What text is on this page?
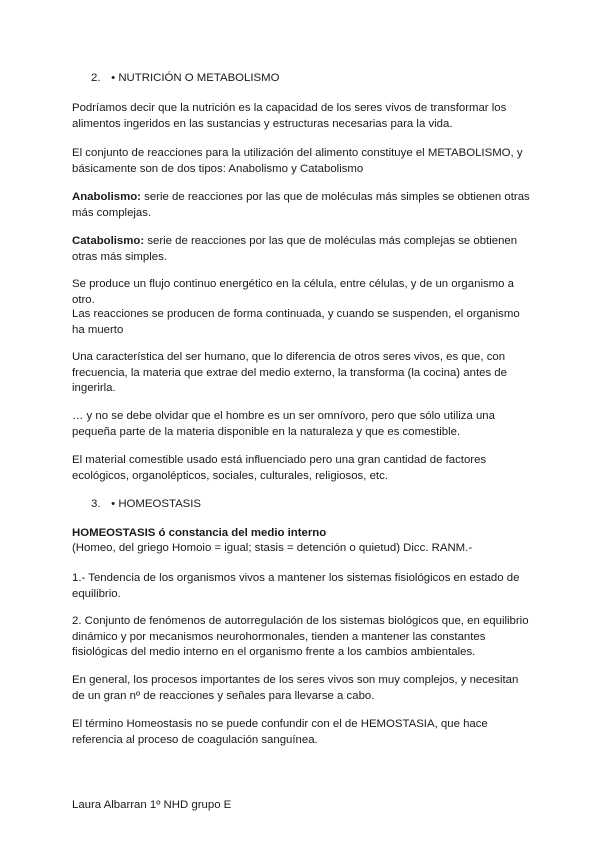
2. • NUTRICIÓN O METABOLISMO

Podríamos decir que la nutrición es la capacidad de los seres vivos de transformar los alimentos ingeridos en las sustancias y estructuras necesarias para la vida.

El conjunto de reacciones para la utilización del alimento constituye el METABOLISMO, y básicamente son de dos tipos: Anabolismo y Catabolismo

Anabolismo: serie de reacciones por las que de moléculas más simples se obtienen otras más complejas.

Catabolismo: serie de reacciones por las que de moléculas más complejas se obtienen otras más simples.

Se produce un flujo continuo energético en la célula, entre células, y de un organismo a otro.

Las reacciones se producen de forma continuada, y cuando se suspenden, el organismo ha muerto

Una característica del ser humano, que lo diferencia de otros seres vivos, es que, con frecuencia, la materia que extrae del medio externo, la transforma (la cocina) antes de ingerirla.

… y no se debe olvidar que el hombre es un ser omnívoro, pero que sólo utiliza una pequeña parte de la materia disponible en la naturaleza y que es comestible.

El material comestible usado está influenciado pero una gran cantidad de factores ecológicos, organolépticos, sociales, culturales, religiosos, etc.

3. • HOMEOSTASIS

HOMEOSTASIS ó constancia del medio interno

(Homeo, del griego Homoio = igual; stasis = detención o quietud) Dicc. RANM.-

1.- Tendencia de los organismos vivos a mantener los sistemas fisiológicos en estado de equilibrio.

2. Conjunto de fenómenos de autorregulación de los sistemas biológicos que, en equilibrio dinámico y por mecanismos neurohormonales, tienden a mantener las constantes fisiológicas del medio interno en el organismo frente a los cambios ambientales.

En general, los procesos importantes de los seres vivos son muy complejos, y necesitan de un gran nº de reacciones y señales para llevarse a cabo.

El término Homeostasis no se puede confundir con el de HEMOSTASIA, que hace referencia al proceso de coagulación sanguínea.

Laura Albarran 1º NHD grupo E
